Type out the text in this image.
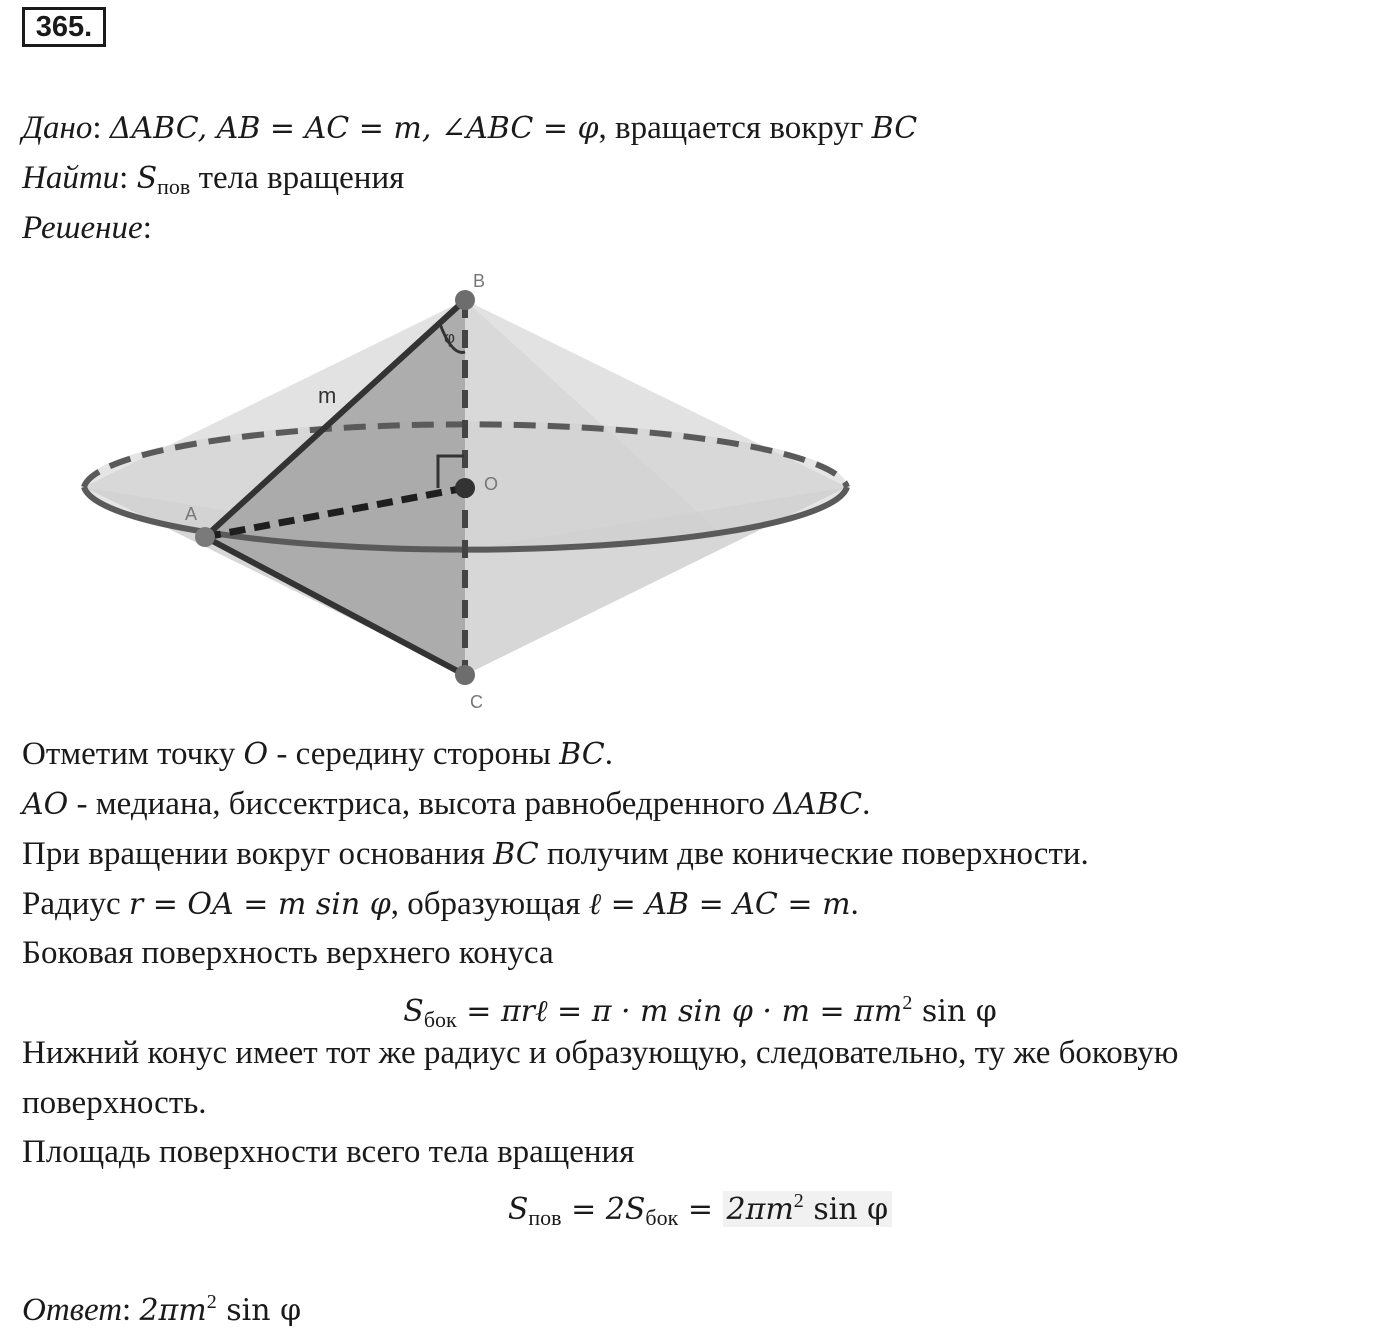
365.
Дано: ΔABC, AB = AC = m, ∠ABC = φ, вращается вокруг BC
Найти: $S_{пов}$ тела вращения
Решение:
B
A
O
C
m
φ
Отметим точку O - середину стороны BC.
AO - медиана, биссектриса, высота равнобедренного ΔABC.
При вращении вокруг основания BC получим две конические поверхности.
Радиус r = OA = m sin φ, образующая ℓ = AB = AC = m.
Боковая поверхность верхнего конуса
$S_{бок}$ = πrℓ = π · m $\sin \varphi \cdot m = \pi m^2$ sin φ
Нижний конус имеет тот же радиус и образующую, следовательно, ту же боковую
поверхность.
Площадь поверхности всего тела вращения
$S_{пов} = 2S_{бок} = 2\pi m^2$ sin φ
Ответ: $2\pi m^2$ sin φ
